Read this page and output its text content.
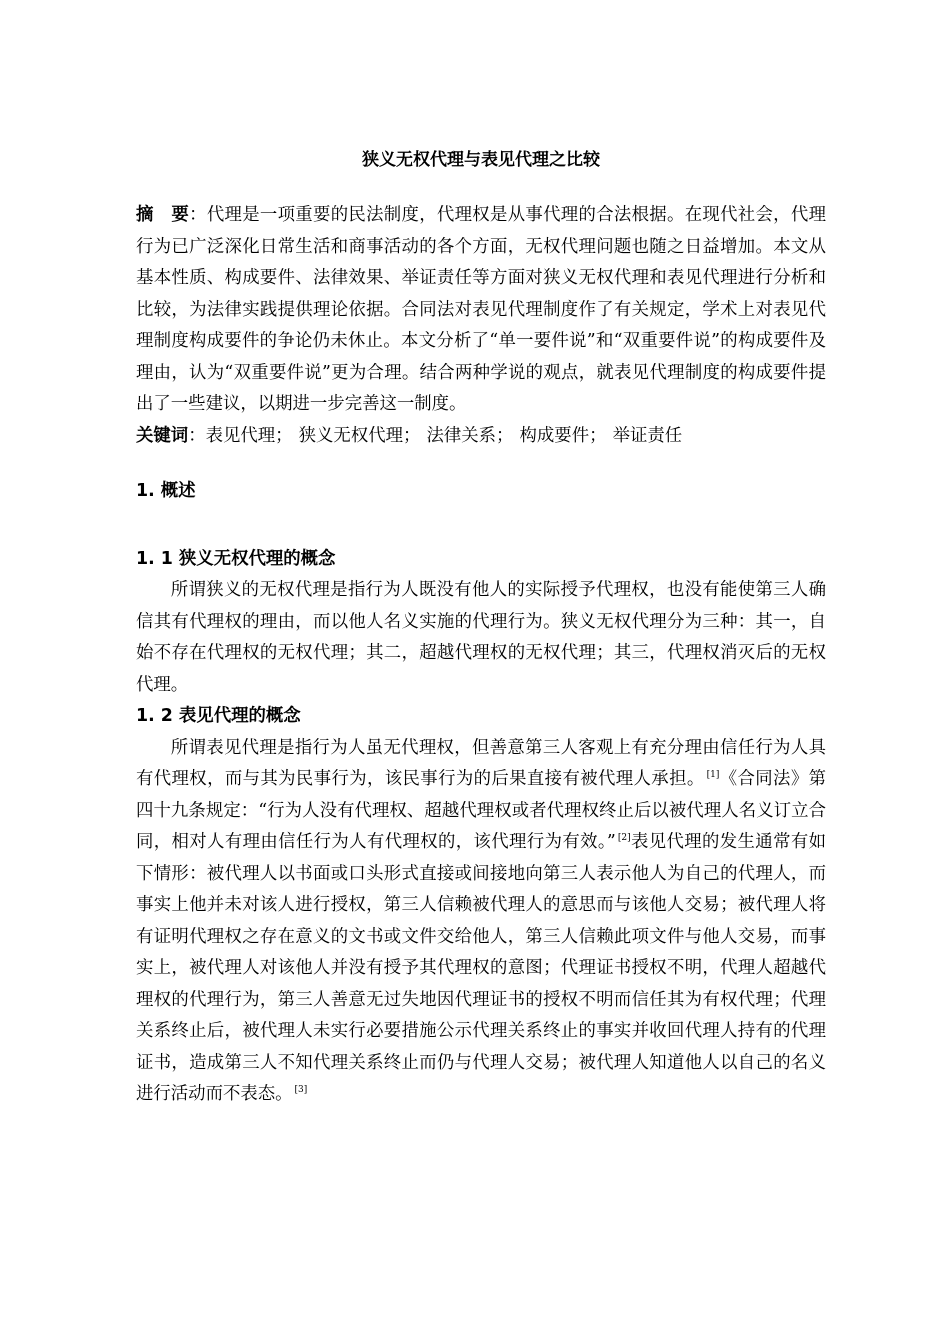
狭义无权代理与表见代理之比较

摘　要：代理是一项重要的民法制度，代理权是从事代理的合法根据。在现代社会，代理行为已广泛深化日常生活和商事活动的各个方面，无权代理问题也随之日益增加。本文从基本性质、构成要件、法律效果、举证责任等方面对狭义无权代理和表见代理进行分析和比较，为法律实践提供理论依据。合同法对表见代理制度作了有关规定，学术上对表见代理制度构成要件的争论仍未休止。本文分析了“单一要件说”和“双重要件说”的构成要件及理由，认为“双重要件说”更为合理。结合两种学说的观点，就表见代理制度的构成要件提出了一些建议，以期进一步完善这一制度。

关键词：表见代理； 狭义无权代理； 法律关系； 构成要件； 举证责任

1. 概述
1. 1 狭义无权代理的概念

所谓狭义的无权代理是指行为人既没有他人的实际授予代理权，也没有能使第三人确信其有代理权的理由，而以他人名义实施的代理行为。狭义无权代理分为三种：其一，自始不存在代理权的无权代理；其二，超越代理权的无权代理；其三，代理权消灭后的无权代理。

1. 2 表见代理的概念

所谓表见代理是指行为人虽无代理权，但善意第三人客观上有充分理由信任行为人具有代理权，而与其为民事行为，该民事行为的后果直接有被代理人承担。 [1]《合同法》第四十九条规定：“行为人没有代理权、超越代理权或者代理权终止后以被代理人名义订立合同，相对人有理由信任行为人有代理权的，该代理行为有效。” [2]表见代理的发生通常有如下情形：被代理人以书面或口头形式直接或间接地向第三人表示他人为自己的代理人，而事实上他并未对该人进行授权，第三人信赖被代理人的意思而与该他人交易；被代理人将有证明代理权之存在意义的文书或文件交给他人，第三人信赖此项文件与他人交易，而事实上，被代理人对该他人并没有授予其代理权的意图；代理证书授权不明，代理人超越代理权的代理行为，第三人善意无过失地因代理证书的授权不明而信任其为有权代理；代理关系终止后，被代理人未实行必要措施公示代理关系终止的事实并收回代理人持有的代理证书，造成第三人不知代理关系终止而仍与代理人交易；被代理人知道他人以自己的名义进行活动而不表态。 [3]
